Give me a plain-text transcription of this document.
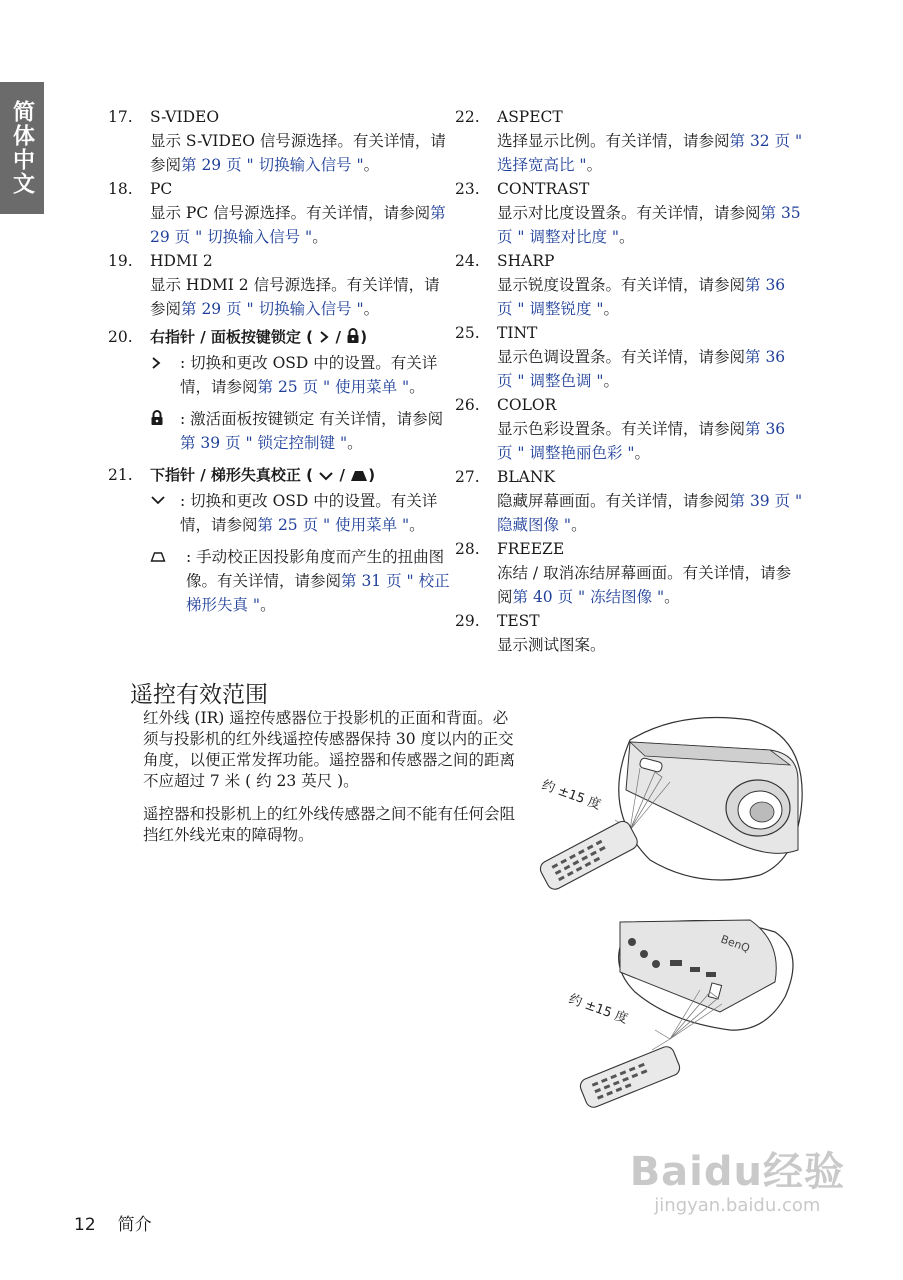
简体中文	17. S-VIDEO
显示 S-VIDEO 信号源选择。有关详情，请参阅第 29 页 " 切换输入信号 "。
18. PC
显示 PC 信号源选择。有关详情，请参阅第 29 页 " 切换输入信号 "。
19. HDMI 2
显示 HDMI 2 信号源选择。有关详情，请参阅第 29 页 " 切换输入信号 "。
20. 右指针 / 面板按键锁定 ( / )
: 切换和更改 OSD 中的设置。有关详情，请参阅第 25 页 " 使用菜单 "。
: 激活面板按键锁定 有关详情，请参阅第 39 页 " 锁定控制键 "。
21. 下指针 / 梯形失真校正 ( / )
: 切换和更改 OSD 中的设置。有关详情，请参阅第 25 页 " 使用菜单 "。
: 手动校正因投影角度而产生的扭曲图像。有关详情，请参阅第 31 页 " 校正梯形失真 "。
22. ASPECT
选择显示比例。有关详情，请参阅第 32 页 " 选择宽高比 "。
23. CONTRAST
显示对比度设置条。有关详情，请参阅第 35 页 " 调整对比度 "。
24. SHARP
显示锐度设置条。有关详情，请参阅第 36 页 " 调整锐度 "。
25. TINT
显示色调设置条。有关详情，请参阅第 36 页 " 调整色调 "。
26. COLOR
显示色彩设置条。有关详情，请参阅第 36 页 " 调整艳丽色彩 "。
27. BLANK
隐藏屏幕画面。有关详情，请参阅第 39 页 " 隐藏图像 "。
28. FREEZE
冻结 / 取消冻结屏幕画面。有关详情，请参阅第 40 页 " 冻结图像 "。
29. TEST
显示测试图案。
遥控有效范围

红外线 (IR) 遥控传感器位于投影机的正面和背面。必须与投影机的红外线遥控传感器保持 30 度以内的正交角度，以便正常发挥功能。遥控器和传感器之间的距离不应超过 7 米 ( 约 23 英尺 )。

遥控器和投影机上的红外线传感器之间不能有任何会阻挡红外线光束的障碍物。

约 ±15 度
BenQ
约 ±15 度
12 简介
Baidu经验
jingyan.baidu.com
